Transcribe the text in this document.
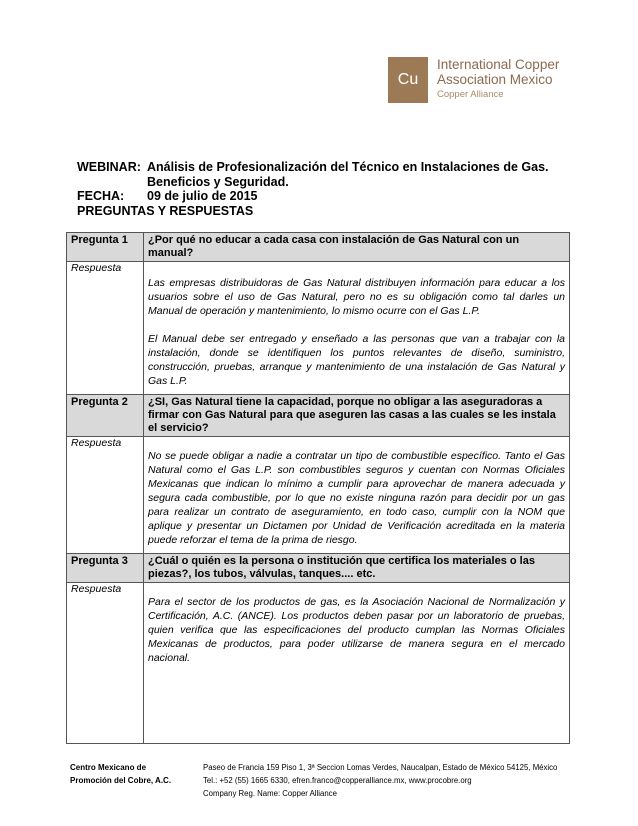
Cu
International Copper
Association Mexico
Copper Alliance
WEBINAR: Análisis de Profesionalización del Técnico en Instalaciones de Gas.
Beneficios y Seguridad.
FECHA:	09 de julio de 2015
PREGUNTAS Y RESPUESTAS
Pregunta 1	¿Por qué no educar a cada casa con instalación de Gas Natural con un manual?
Respuesta	Las empresas distribuidoras de Gas Natural distribuyen información para educar a los usuarios sobre el uso de Gas Natural, pero no es su obligación como tal darles un Manual de operación y mantenimiento, lo mismo ocurre con el Gas L.P.

El Manual debe ser entregado y enseñado a las personas que van a trabajar con la instalación, donde se identifiquen los puntos relevantes de diseño, suministro, construcción, pruebas, arranque y mantenimiento de una instalación de Gas Natural y Gas L.P.

Pregunta 2	¿SI, Gas Natural tiene la capacidad, porque no obligar a las aseguradoras a firmar con Gas Natural para que aseguren las casas a las cuales se les instala el servicio?
Respuesta	No se puede obligar a nadie a contratar un tipo de combustible específico. Tanto el Gas Natural como el Gas L.P. son combustibles seguros y cuentan con Normas Oficiales Mexicanas que indican lo mínimo a cumplir para aprovechar de manera adecuada y segura cada combustible, por lo que no existe ninguna razón para decidir por un gas para realizar un contrato de aseguramiento, en todo caso, cumplir con la NOM que aplique y presentar un Dictamen por Unidad de Verificación acreditada en la materia puede reforzar el tema de la prima de riesgo.

Pregunta 3	¿Cuál o quién es la persona o institución que certifica los materiales o las piezas?, los tubos, válvulas, tanques.... etc.
Respuesta	Para el sector de los productos de gas, es la Asociación Nacional de Normalización y Certificación, A.C. (ANCE). Los productos deben pasar por un laboratorio de pruebas, quien verifica que las especificaciones del producto cumplan las Normas Oficiales Mexicanas de productos, para poder utilizarse de manera segura en el mercado nacional.

Centro Mexicano de
Promoción del Cobre, A.C.
Paseo de Francia 159 Piso 1, 3ª Seccion Lomas Verdes, Naucalpan, Estado de México 54125, México
Tel.: +52 (55) 1665 6330, efren.franco@copperalliance.mx, www.procobre.org
Company Reg. Name: Copper Alliance
